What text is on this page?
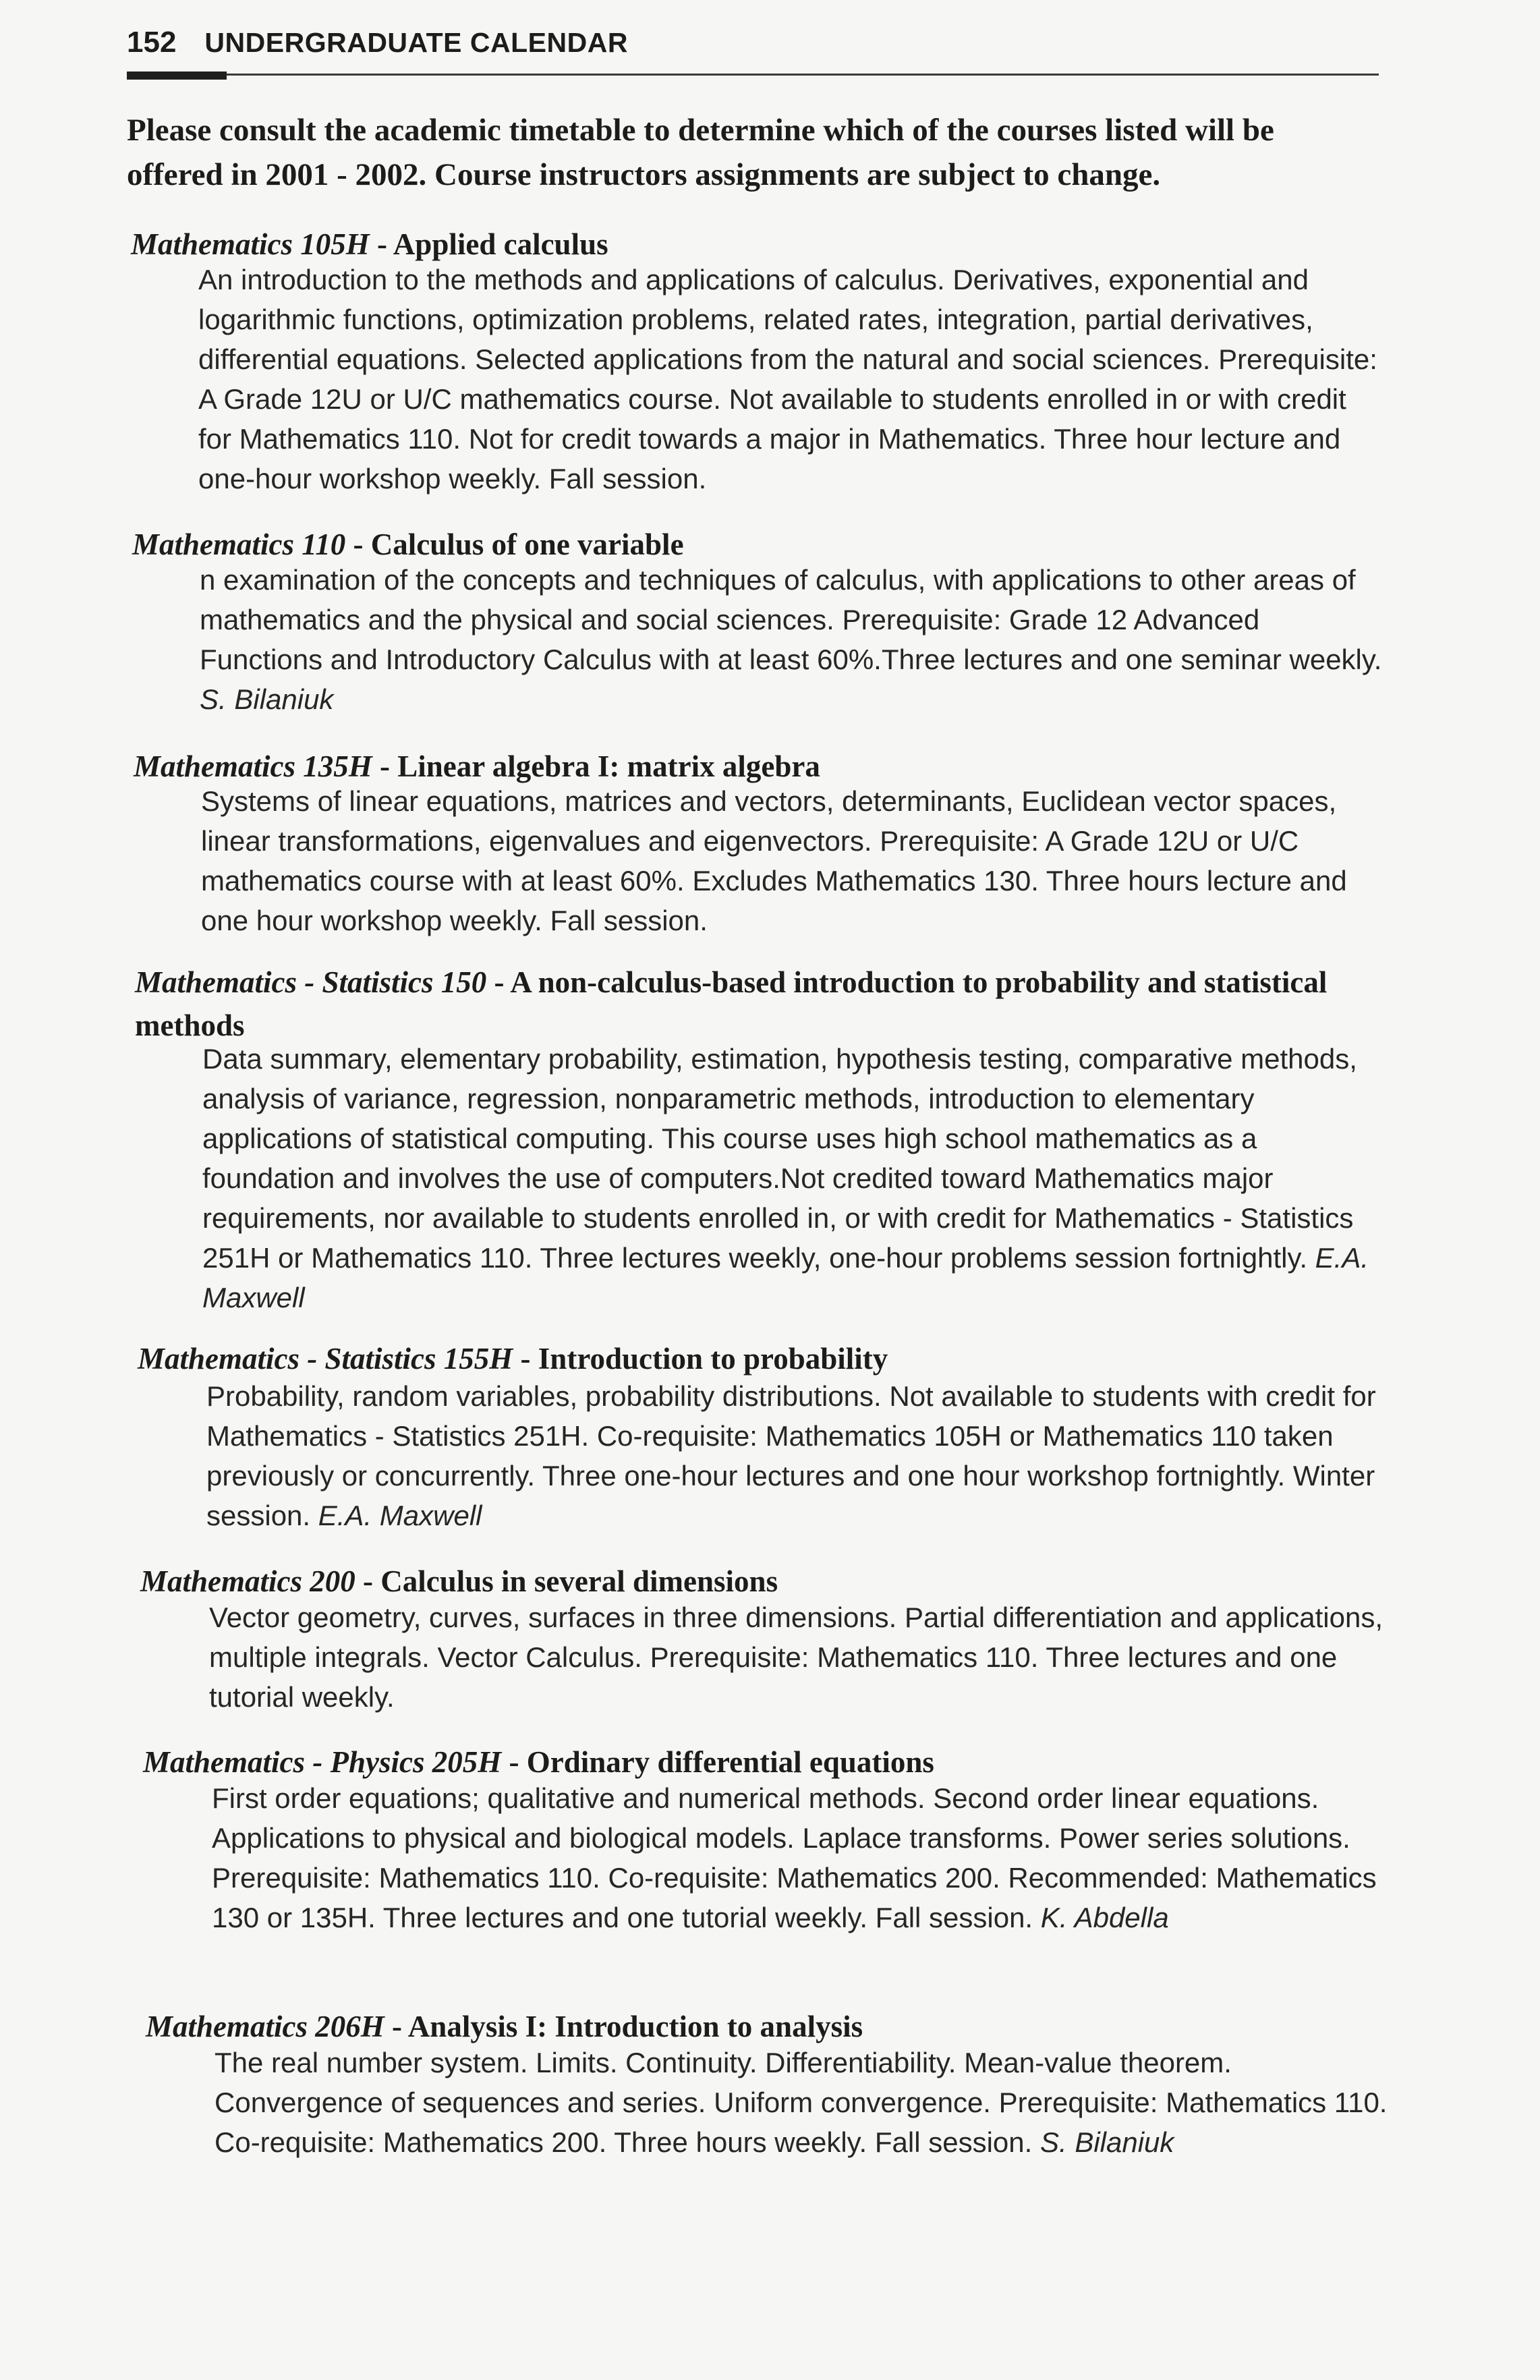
152 UNDERGRADUATE CALENDAR
Please consult the academic timetable to determine which of the courses listed will be offered in 2001 - 2002. Course instructors assignments are subject to change.
Mathematics 105H - Applied calculus
An introduction to the methods and applications of calculus. Derivatives, exponential and logarithmic functions, optimization problems, related rates, integration, partial derivatives, differential equations. Selected applications from the natural and social sciences. Prerequisite: A Grade 12U or U/C mathematics course. Not available to students enrolled in or with credit for Mathematics 110. Not for credit towards a major in Mathematics. Three hour lecture and one-hour workshop weekly. Fall session.
Mathematics 110 - Calculus of one variable
n examination of the concepts and techniques of calculus, with applications to other areas of mathematics and the physical and social sciences. Prerequisite: Grade 12 Advanced Functions and Introductory Calculus with at least 60%.Three lectures and one seminar weekly. S. Bilaniuk
Mathematics 135H - Linear algebra I: matrix algebra
Systems of linear equations, matrices and vectors, determinants, Euclidean vector spaces, linear transformations, eigenvalues and eigenvectors. Prerequisite: A Grade 12U or U/C mathematics course with at least 60%. Excludes Mathematics 130. Three hours lecture and one hour workshop weekly. Fall session.
Mathematics - Statistics 150 - A non-calculus-based introduction to probability and statistical methods
Data summary, elementary probability, estimation, hypothesis testing, comparative methods, analysis of variance, regression, nonparametric methods, introduction to elementary applications of statistical computing. This course uses high school mathematics as a foundation and involves the use of computers.Not credited toward Mathematics major requirements, nor available to students enrolled in, or with credit for Mathematics - Statistics 251H or Mathematics 110. Three lectures weekly, one-hour problems session fortnightly. E.A. Maxwell
Mathematics - Statistics 155H - Introduction to probability
Probability, random variables, probability distributions. Not available to students with credit for Mathematics - Statistics 251H. Co-requisite: Mathematics 105H or Mathematics 110 taken previously or concurrently. Three one-hour lectures and one hour workshop fortnightly. Winter session. E.A. Maxwell
Mathematics 200 - Calculus in several dimensions
Vector geometry, curves, surfaces in three dimensions. Partial differentiation and applications, multiple integrals. Vector Calculus. Prerequisite: Mathematics 110. Three lectures and one tutorial weekly.
Mathematics - Physics 205H - Ordinary differential equations
First order equations; qualitative and numerical methods. Second order linear equations. Applications to physical and biological models. Laplace transforms. Power series solutions. Prerequisite: Mathematics 110. Co-requisite: Mathematics 200. Recommended: Mathematics 130 or 135H. Three lectures and one tutorial weekly. Fall session. K. Abdella
Mathematics 206H - Analysis I: Introduction to analysis
The real number system. Limits. Continuity. Differentiability. Mean-value theorem. Convergence of sequences and series. Uniform convergence. Prerequisite: Mathematics 110. Co-requisite: Mathematics 200. Three hours weekly. Fall session. S. Bilaniuk
